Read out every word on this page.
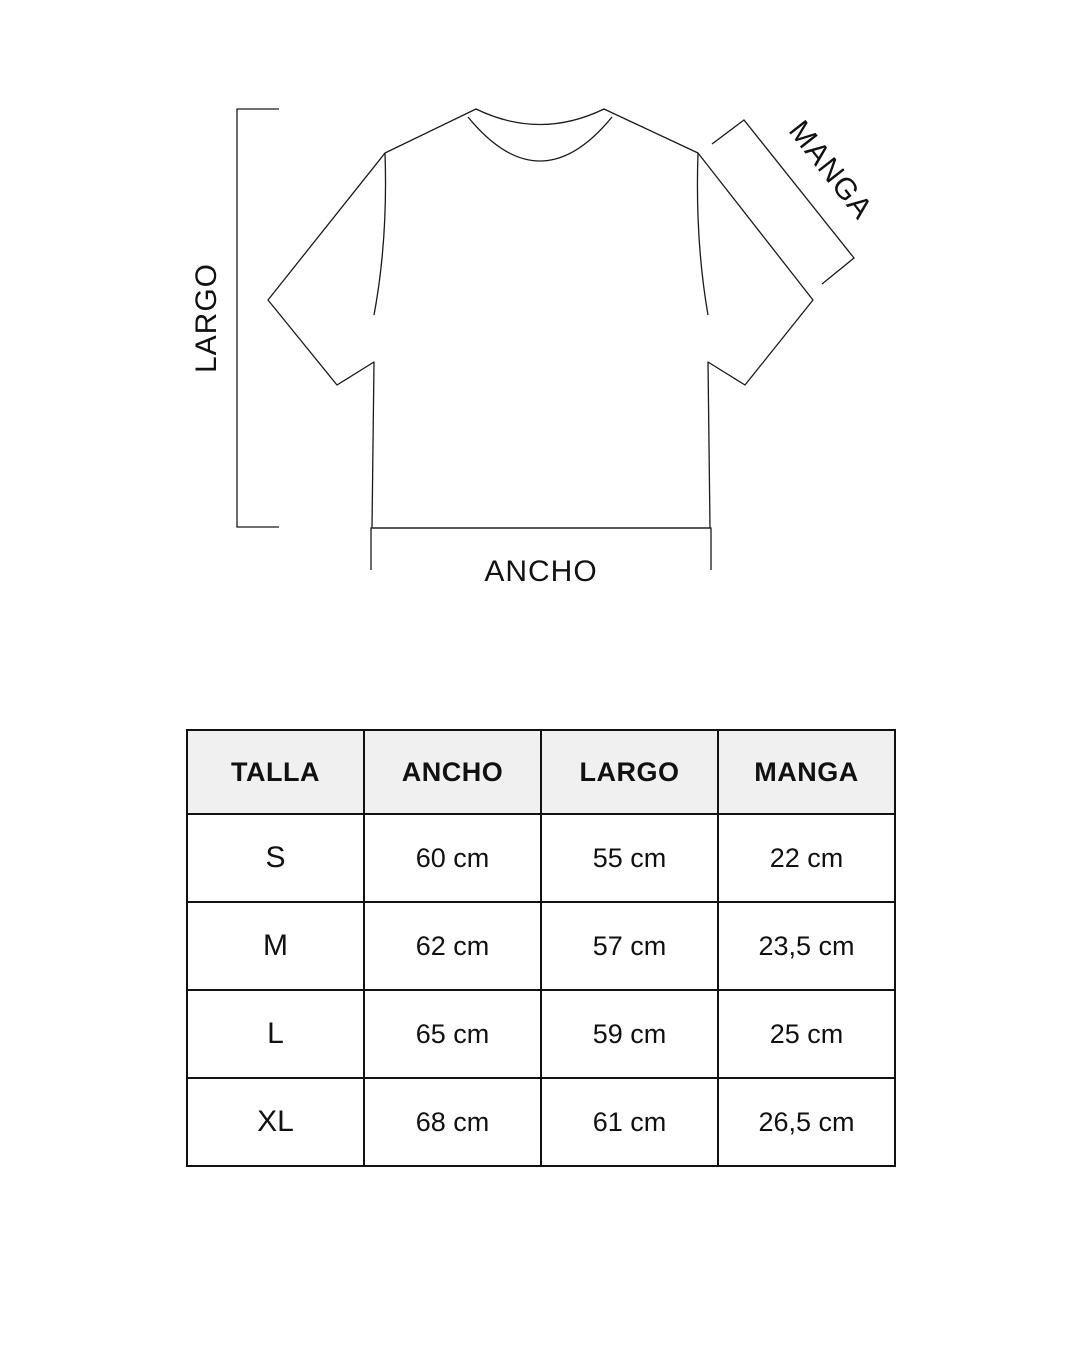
LARGO
ANCHO
MANGA
TALLA	ANCHO	LARGO	MANGA
S	60 cm	55 cm	22 cm
M	62 cm	57 cm	23,5 cm
L	65 cm	59 cm	25 cm
XL	68 cm	61 cm	26,5 cm
